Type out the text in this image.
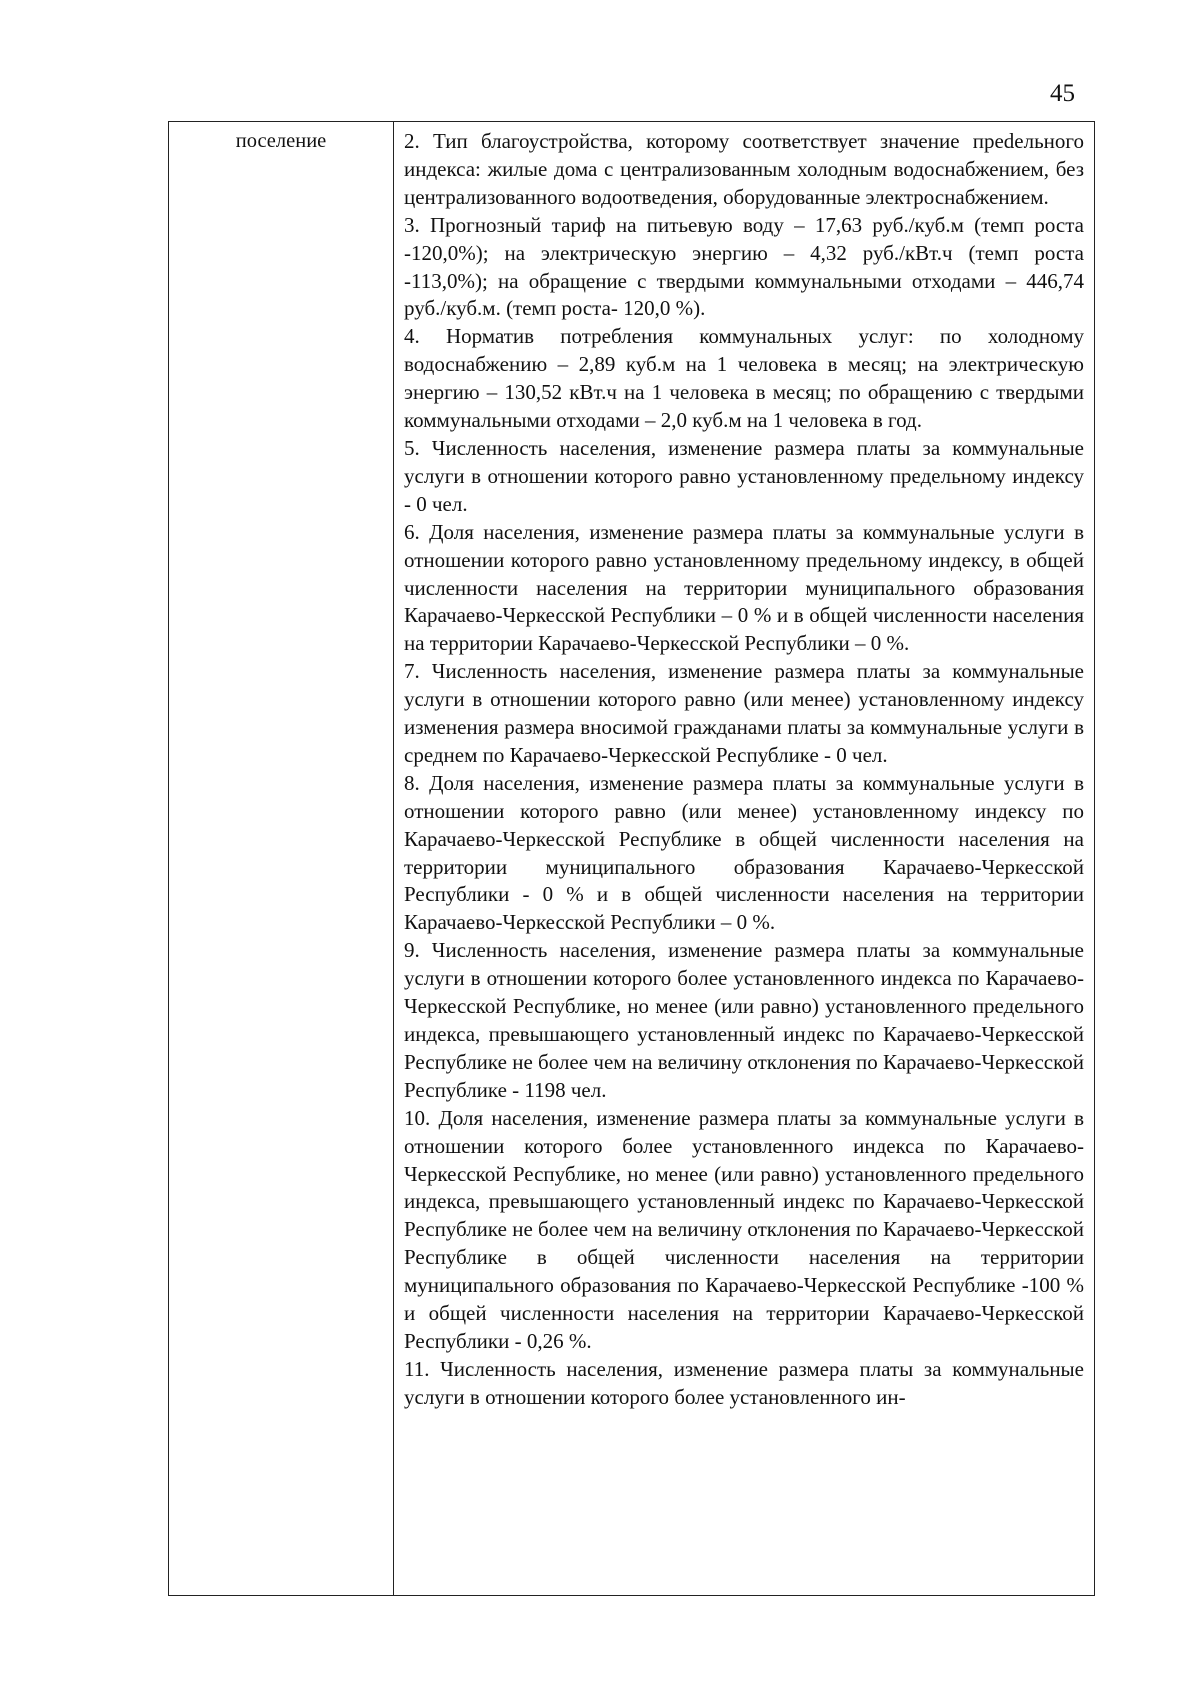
45
поселение	2. Тип благоустройства, которому соответствует значение преdельного индекса: жилые дома с централизованным холодным водоснабжением, без централизованного водоотведения, оборудованные электроснабжением.

3. Прогнозный тариф на питьевую воду – 17,63 руб./куб.м (темп роста -120,0%); на электрическую энергию – 4,32 руб./кВт.ч (темп роста -113,0%); на обращение с твердыми коммунальными отходами – 446,74 руб./куб.м. (темп роста- 120,0 %).

4. Норматив потребления коммунальных услуг: по холодному водоснабжению – 2,89 куб.м на 1 человека в месяц; на электрическую энергию – 130,52 кВт.ч на 1 человека в месяц; по обращению с твердыми коммунальными отходами – 2,0 куб.м на 1 человека в год.

5. Численность населения, изменение размера платы за коммунальные услуги в отношении которого равно установленному предельному индексу - 0 чел.

6. Доля населения, изменение размера платы за коммунальные услуги в отношении которого равно установленному предельному индексу, в общей численности населения на территории муниципального образования Карачаево-Черкесской Республики – 0 % и в общей численности населения на территории Карачаево-Черкесской Республики – 0 %.

7. Численность населения, изменение размера платы за коммунальные услуги в отношении которого равно (или менее) установленному индексу изменения размера вносимой гражданами платы за коммунальные услуги в среднем по Карачаево-Черкесской Республике - 0 чел.

8. Доля населения, изменение размера платы за коммунальные услуги в отношении которого равно (или менее) установленному индексу по Карачаево-Черкесской Республике в общей численности населения на территории муниципального образования Карачаево-Черкесской Республики - 0 % и в общей численности населения на территории Карачаево-Черкесской Республики – 0 %.

9. Численность населения, изменение размера платы за коммунальные услуги в отношении которого более установленного индекса по Карачаево-Черкесской Республике, но менее (или равно) установленного предельного индекса, превышающего установленный индекс по Карачаево-Черкесской Республике не более чем на величину отклонения по Карачаево-Черкесской Республике - 1198 чел.

10. Доля населения, изменение размера платы за коммунальные услуги в отношении которого более установленного индекса по Карачаево-Черкесской Республике, но менее (или равно) установленного предельного индекса, превышающего установленный индекс по Карачаево-Черкесской Республике не более чем на величину отклонения по Карачаево-Черкесской Республике в общей численности населения на территории муниципального образования по Карачаево-Черкесской Республике -100 % и общей численности населения на территории Карачаево-Черкесской Республики - 0,26 %.

11. Численность населения, изменение размера платы за коммунальные услуги в отношении которого более установленного ин-
